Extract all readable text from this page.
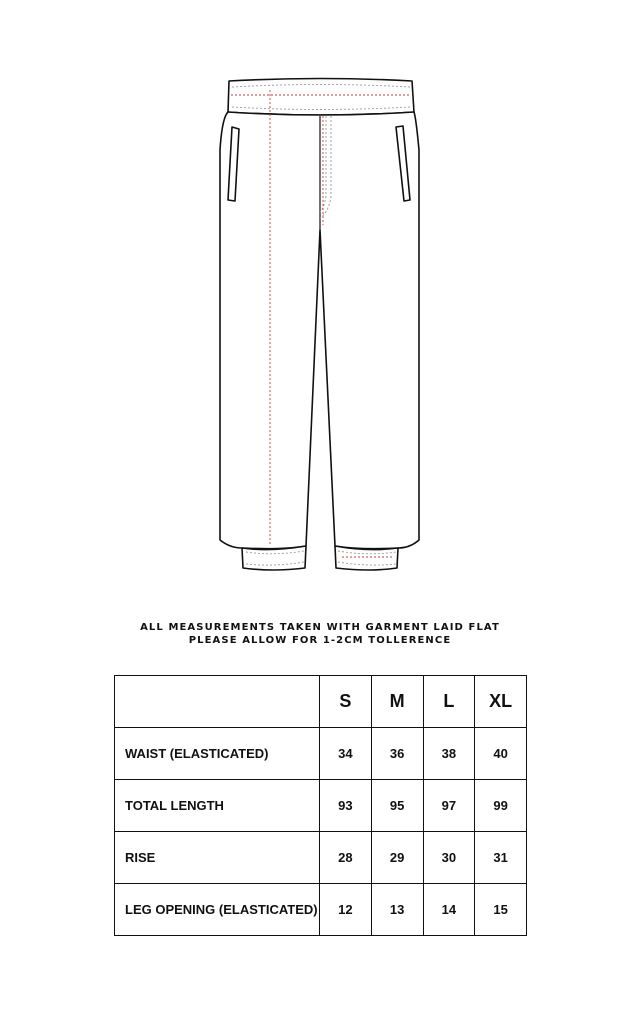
ALL MEASUREMENTS TAKEN WITH GARMENT LAID FLAT
PLEASE ALLOW FOR 1-2CM TOLLERENCE
	S	M	L	XL
WAIST (ELASTICATED)	34	36	38	40
TOTAL LENGTH	93	95	97	99
RISE	28	29	30	31
LEG OPENING (ELASTICATED)	12	13	14	15
